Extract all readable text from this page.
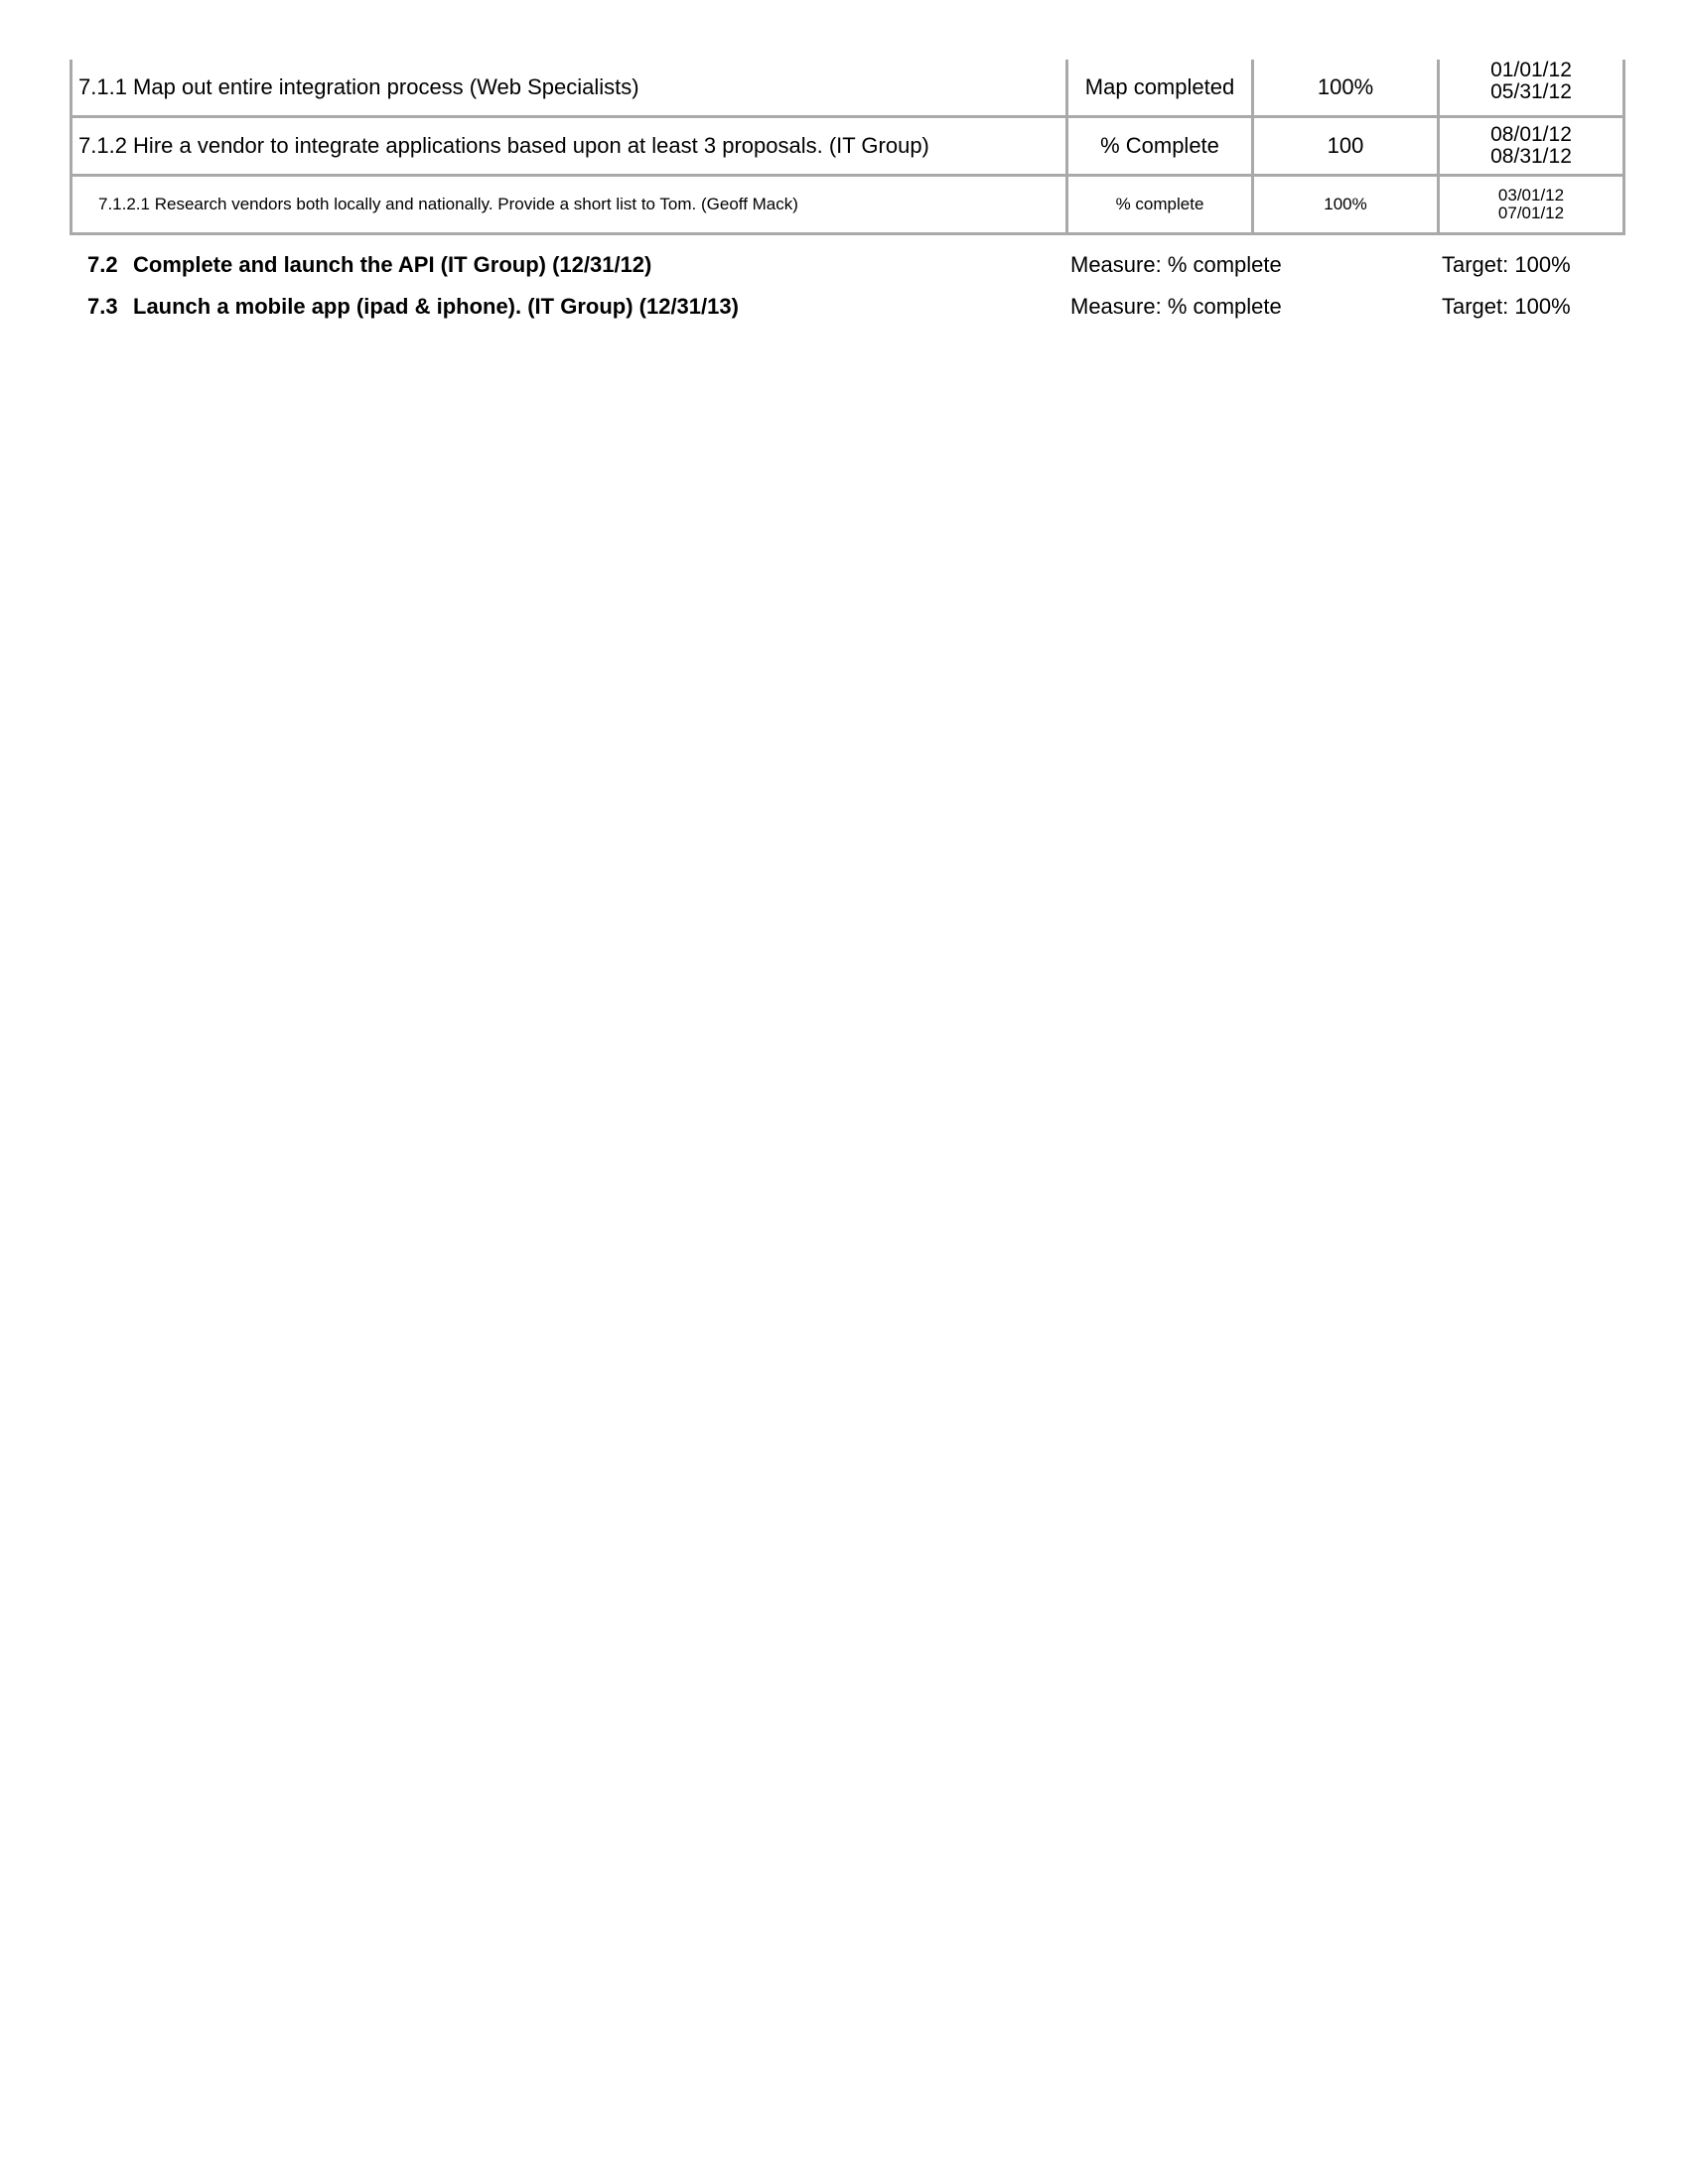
7.1.1 Map out entire integration process (Web Specialists)	Map completed	100%	01/01/12
05/31/12

7.1.2 Hire a vendor to integrate applications based upon at least 3 proposals. (IT Group)	% Complete	100	08/01/12
08/31/12

7.1.2.1 Research vendors both locally and nationally. Provide a short list to Tom. (Geoff Mack)	% complete	100%	03/01/12
07/01/12
7.2 Complete and launch the API (IT Group) (12/31/12)	Measure: % complete	Target: 100%
7.3 Launch a mobile app (ipad & iphone). (IT Group) (12/31/13)	Measure: % complete	Target: 100%
